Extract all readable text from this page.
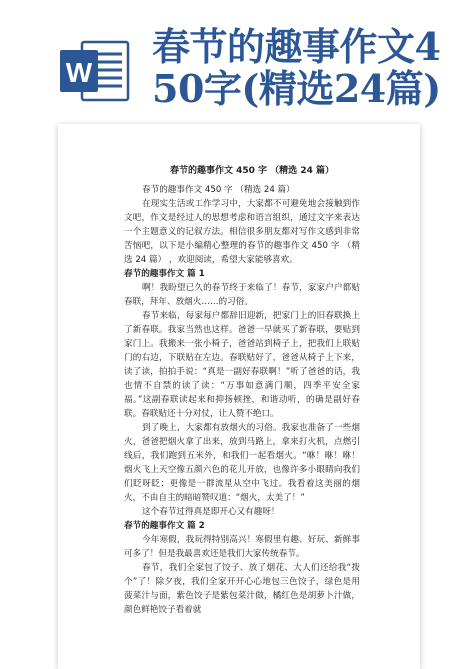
W
春节的趣事作文4
50字(精选24篇)
春节的趣事作文 450 字 （精选 24 篇）

春节的趣事作文 450 字 （精选 24 篇）

在现实生活或工作学习中，大家都不可避免地会接触到作文吧，作文是经过人的思想考虑和语言组织，通过文字来表达一个主题意义的记叙方法。相信很多朋友都对写作文感到非常苦恼吧，以下是小编精心整理的春节的趣事作文 450 字 （精选 24 篇） ，欢迎阅读，希望大家能够喜欢。

春节的趣事作文 篇 1

啊！我盼望已久的春节终于来临了！春节，家家户户都贴春联，拜年、放烟火……的习俗。

春节来临，每家每户都辞旧迎新，把家门上的旧春联换上了新春联。我家当然也这样。爸爸一早就买了新春联，要贴到家门上。我搬来一张小椅子，爸爸站到椅子上，把我们上联贴门的右边，下联贴在左边。春联贴好了，爸爸从椅子上下来，读了读，拍拍手说：“真是一副好春联啊！”听了爸爸的话，我也情不自禁的读了读：“万事如意满门顺，四季平安全家福。”这副春联读起来和抑扬顿挫，和谐动听，的确是副好春联。春联贴还十分对仗，让人赞不绝口。

到了晚上，大家都有放烟火的习俗。我家也准备了一些烟火，爸爸把烟火拿了出来，放到马路上，拿来打火机，点燃引线后，我们跑到五米外，和我们一起看烟火。“咻！咻！咻！烟火飞上天空像五颜六色的花儿开放，也像许多小眼睛向我们们眨呀眨；更像是一群流星从空中飞过。我看着这美丽的烟火，不由自主的暗暗赞叹道：“烟火，太美了！”

这个春节过得真是即开心又有趣呀！

春节的趣事作文 篇 2

今年寒假，我玩得特别高兴！寒假里有趣、好玩、新鲜事可多了！但是我最喜欢还是我们大家传统春节。

春节，我们全家包了饺子、放了烟花、大人们还给我“拨个”了！除夕夜，我们全家开开心心地包三色饺子，绿色是用菠菜汁与面，紫色饺子是紫包菜汁做，橘红色是胡萝卜汁做，颜色鲜艳饺子看着就
